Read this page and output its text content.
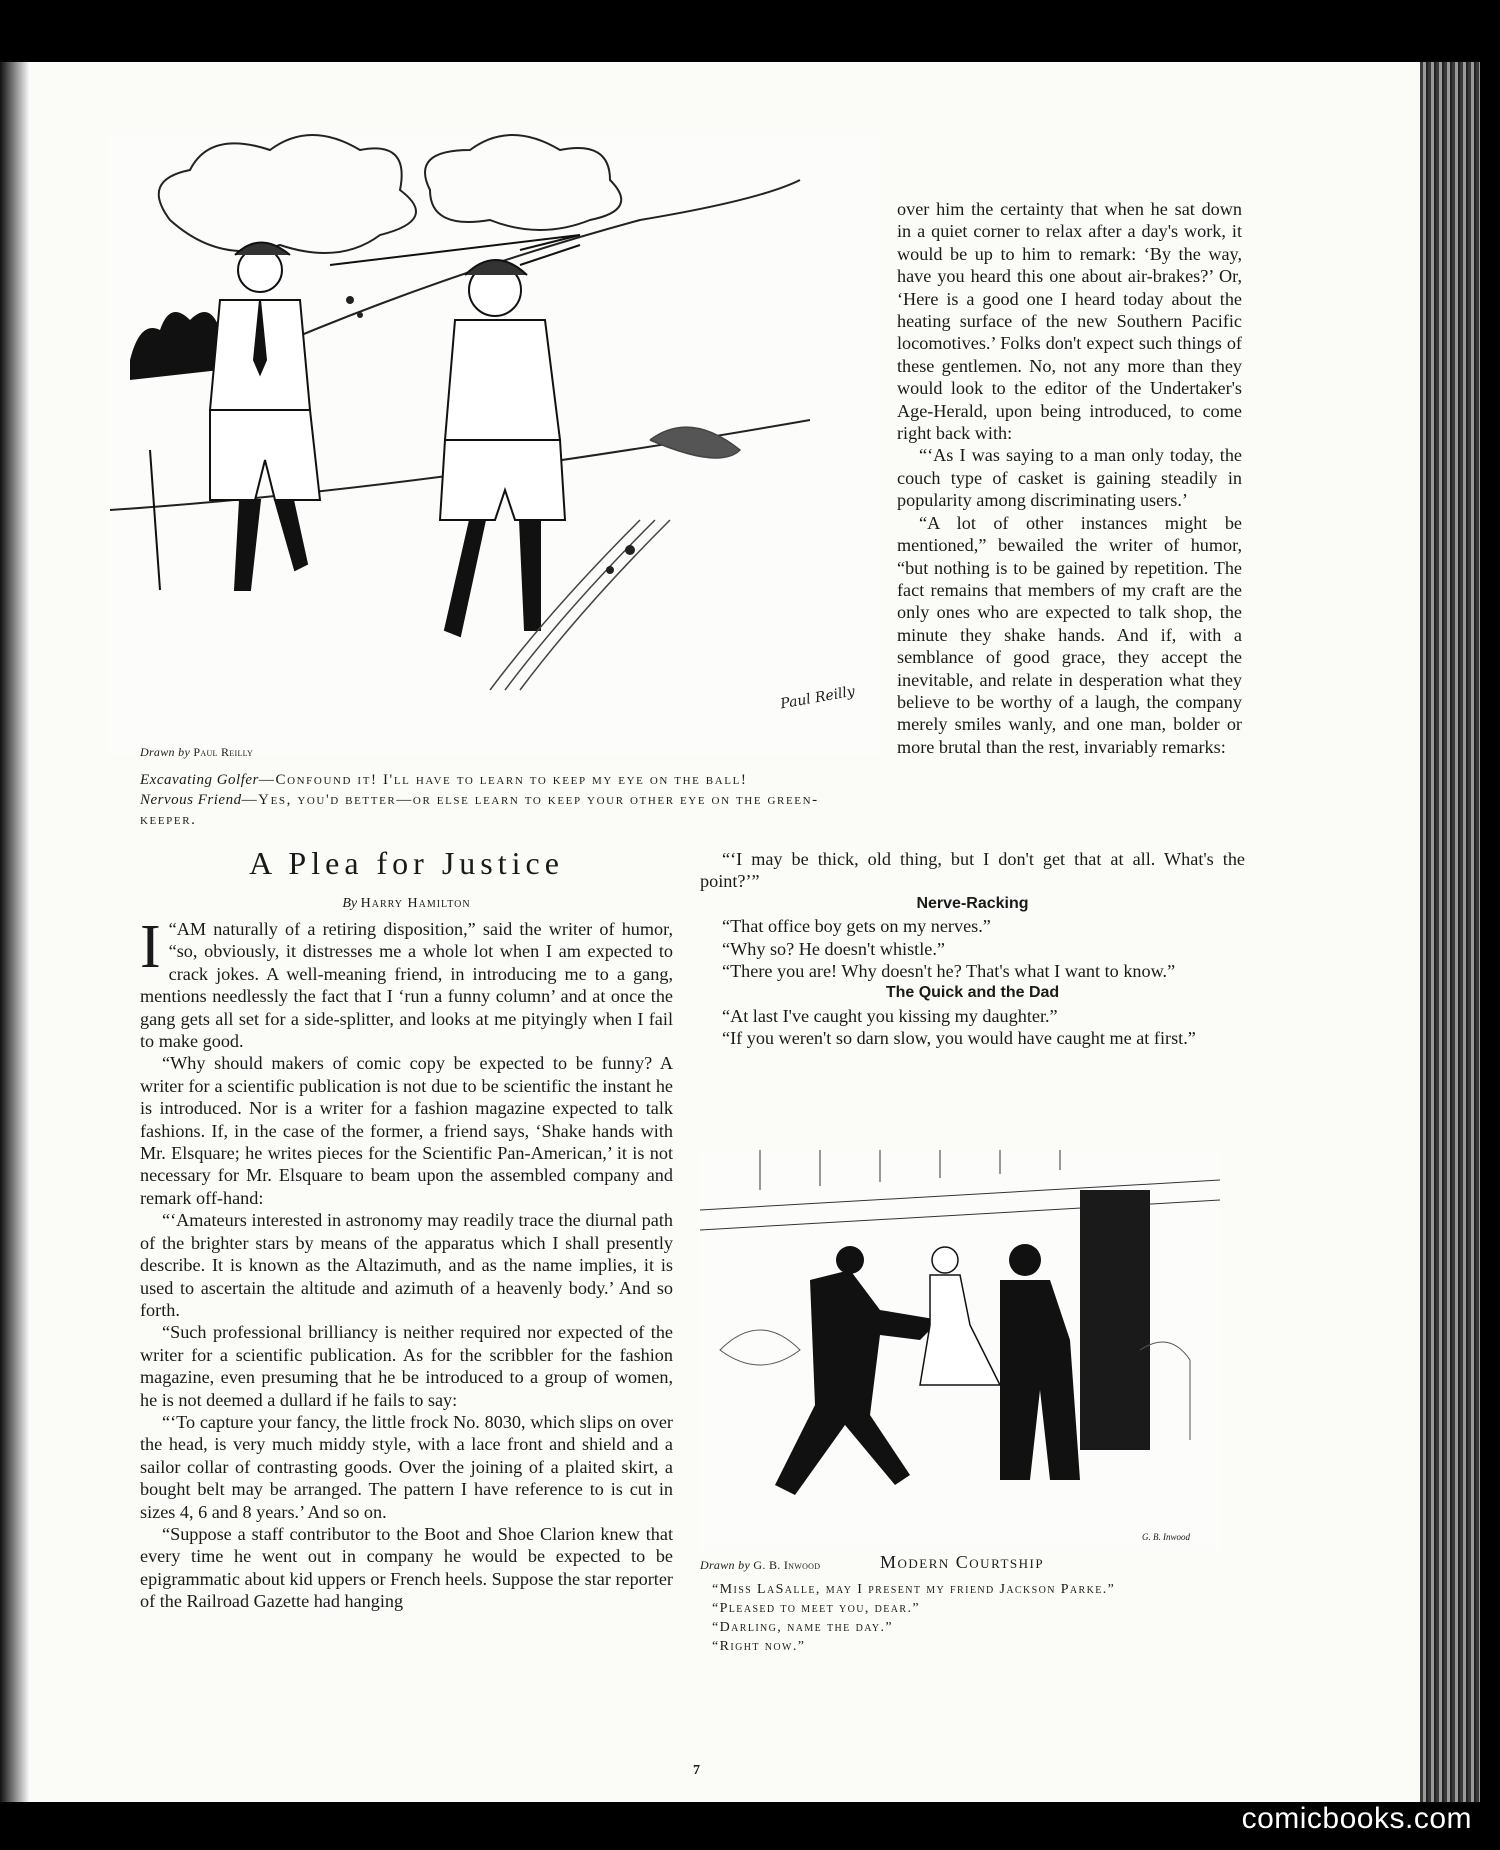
Paul Reilly
Drawn by Paul Reilly
Excavating Golfer—Confound it! I'll have to learn to keep my eye on the ball!
Nervous Friend—Yes, you'd better—or else learn to keep your other eye on the green-keeper.

over him the certainty that when he sat down in a quiet corner to relax after a day's work, it would be up to him to remark: ‘By the way, have you heard this one about air-brakes?’ Or, ‘Here is a good one I heard today about the heating surface of the new Southern Pacific locomotives.’ Folks don't expect such things of these gentlemen. No, not any more than they would look to the editor of the Undertaker's Age-Herald, upon being introduced, to come right back with:

“‘As I was saying to a man only today, the couch type of casket is gaining steadily in popularity among discriminating users.’

“A lot of other instances might be mentioned,” bewailed the writer of humor, “but nothing is to be gained by repetition. The fact remains that members of my craft are the only ones who are expected to talk shop, the minute they shake hands. And if, with a semblance of good grace, they accept the inevitable, and relate in desperation what they believe to be worthy of a laugh, the company merely smiles wanly, and one man, bolder or more brutal than the rest, invariably remarks:

A Plea for Justice
By Harry Hamilton

“
I AM naturally of a retiring disposition,” said the writer of humor, “so, obviously, it distresses me a whole lot when I am expected to crack jokes. A well-meaning friend, in introducing me to a gang, mentions needlessly the fact that I ‘run a funny column’ and at once the gang gets all set for a side-splitter, and looks at me pityingly when I fail to make good.

“Why should makers of comic copy be expected to be funny? A writer for a scientific publication is not due to be scientific the instant he is introduced. Nor is a writer for a fashion magazine expected to talk fashions. If, in the case of the former, a friend says, ‘Shake hands with Mr. Elsquare; he writes pieces for the Scientific Pan-American,’ it is not necessary for Mr. Elsquare to beam upon the assembled company and remark off-hand:

“‘Amateurs interested in astronomy may readily trace the diurnal path of the brighter stars by means of the apparatus which I shall presently describe. It is known as the Altazimuth, and as the name implies, it is used to ascertain the altitude and azimuth of a heavenly body.’ And so forth.

“Such professional brilliancy is neither required nor expected of the writer for a scientific publication. As for the scribbler for the fashion magazine, even presuming that he be introduced to a group of women, he is not deemed a dullard if he fails to say:

“‘To capture your fancy, the little frock No. 8030, which slips on over the head, is very much middy style, with a lace front and shield and a sailor collar of contrasting goods. Over the joining of a plaited skirt, a bought belt may be arranged. The pattern I have reference to is cut in sizes 4, 6 and 8 years.’ And so on.

“Suppose a staff contributor to the Boot and Shoe Clarion knew that every time he went out in company he would be expected to be epigrammatic about kid uppers or French heels. Suppose the star reporter of the Railroad Gazette had hanging

“‘I may be thick, old thing, but I don't get that at all. What's the point?’”

Nerve-Racking

“That office boy gets on my nerves.”

“Why so? He doesn't whistle.”

“There you are! Why doesn't he? That's what I want to know.”

The Quick and the Dad

“At last I've caught you kissing my daughter.”

“If you weren't so darn slow, you would have caught me at first.”

G. B. Inwood
Drawn by G. B. Inwood	Modern Courtship
“Miss LaSalle, may I present my friend Jackson Parke.”
“Pleased to meet you, dear.”
“Darling, name the day.”
“Right now.”
7
comicbooks.com
